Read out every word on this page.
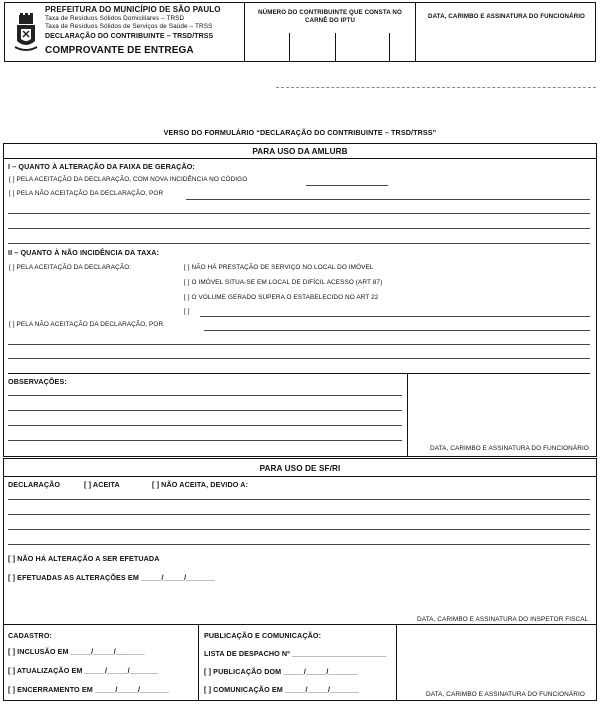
PREFEITURA DO MUNICÍPIO DE SÃO PAULO
Taxa de Resíduos Sólidos Domiciliares – TRSD
Taxa de Resíduos Sólidos de Serviços de Saúde – TRSS
DECLARAÇÃO DO CONTRIBUINTE – TRSD/TRSS
COMPROVANTE DE ENTREGA
NÚMERO DO CONTRIBUINTE QUE CONSTA NO
CARNÊ DO IPTU
DATA, CARIMBO E ASSINATURA DO FUNCIONÁRIO
VERSO DO FORMULÁRIO “DECLARAÇÃO DO CONTRIBUINTE – TRSD/TRSS”
PARA USO DA AMLURB
I – QUANTO À ALTERAÇÃO DA FAIXA DE GERAÇÃO:
[ ] PELA ACEITAÇÃO DA DECLARAÇÃO, COM NOVA INCIDÊNCIA NO CÓDIGO
[ ] PELA NÃO ACEITAÇÃO DA DECLARAÇÃO, POR
II – QUANTO À NÃO INCIDÊNCIA DA TAXA:
[ ] PELA ACEITAÇÃO DA DECLARAÇÃO:	[ ] NÃO HÁ PRESTAÇÃO DE SERVIÇO NO LOCAL DO IMÓVEL
[ ] O IMÓVEL SITUA-SE EM LOCAL DE DIFÍCIL ACESSO (ART 87)
[ ] O VOLUME GERADO SUPERA O ESTABELECIDO NO ART 22
[ ]
[ ] PELA NÃO ACEITAÇÃO DA DECLARAÇÃO, POR
OBSERVAÇÕES:
DATA, CARIMBO E ASSINATURA DO FUNCIONÁRIO
PARA USO DE SF/RI
DECLARAÇÃO	[ ] ACEITA	[ ] NÃO ACEITA, DEVIDO A:
[ ] NÃO HÁ ALTERAÇÃO A SER EFETUADA
[ ] EFETUADAS AS ALTERAÇÕES EM _____/_____/_______
DATA, CARIMBO E ASSINATURA DO INSPETOR FISCAL
CADASTRO:
[ ] INCLUSÃO EM _____/_____/_______
[ ] ATUALIZAÇÃO EM _____/_____/_______
[ ] ENCERRAMENTO EM _____/_____/_______
PUBLICAÇÃO E COMUNICAÇÃO:
LISTA DE DESPACHO Nº _______________________
[ ] PUBLICAÇÃO DOM _____/_____/_______
[ ] COMUNICAÇÃO EM _____/_____/_______
DATA, CARIMBO E ASSINATURA DO FUNCIONÁRIO
